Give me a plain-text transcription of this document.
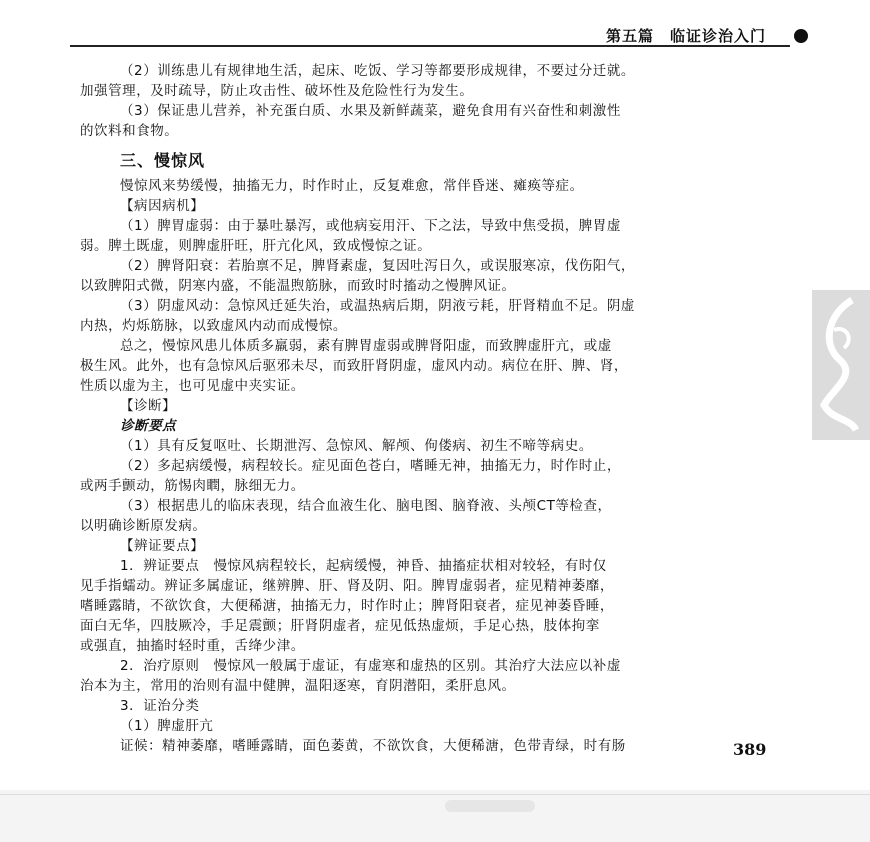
第五篇　临证诊治入门
（2）训练患儿有规律地生活，起床、吃饭、学习等都要形成规律，不要过分迁就。
加强管理，及时疏导，防止攻击性、破坏性及危险性行为发生。
（3）保证患儿营养，补充蛋白质、水果及新鲜蔬菜，避免食用有兴奋性和刺激性
的饮料和食物。
三、慢惊风
慢惊风来势缓慢，抽搐无力，时作时止，反复难愈，常伴昏迷、瘫痪等症。
【病因病机】
（1）脾胃虚弱：由于暴吐暴泻，或他病妄用汗、下之法，导致中焦受损，脾胃虚
弱。脾土既虚，则脾虚肝旺，肝亢化风，致成慢惊之证。
（2）脾肾阳衰：若胎禀不足，脾肾素虚，复因吐泻日久，或误服寒凉，伐伤阳气，
以致脾阳式微，阴寒内盛，不能温煦筋脉，而致时时搐动之慢脾风证。
（3）阴虚风动：急惊风迁延失治，或温热病后期，阴液亏耗，肝肾精血不足。阴虚
内热，灼烁筋脉，以致虚风内动而成慢惊。
总之，慢惊风患儿体质多羸弱，素有脾胃虚弱或脾肾阳虚，而致脾虚肝亢，或虚
极生风。此外，也有急惊风后驱邪未尽，而致肝肾阴虚，虚风内动。病位在肝、脾、肾，
性质以虚为主，也可见虚中夹实证。
【诊断】
诊断要点
（1）具有反复呕吐、长期泄泻、急惊风、解颅、佝偻病、初生不啼等病史。
（2）多起病缓慢，病程较长。症见面色苍白，嗜睡无神，抽搐无力，时作时止，
或两手颤动，筋惕肉瞤，脉细无力。
（3）根据患儿的临床表现，结合血液生化、脑电图、脑脊液、头颅CT等检查，
以明确诊断原发病。
【辨证要点】
1．辨证要点　慢惊风病程较长，起病缓慢，神昏、抽搐症状相对较轻，有时仅
见手指蠕动。辨证多属虚证，继辨脾、肝、肾及阴、阳。脾胃虚弱者，症见精神萎靡，
嗜睡露睛，不欲饮食，大便稀溏，抽搐无力，时作时止；脾肾阳衰者，症见神萎昏睡，
面白无华，四肢厥冷，手足震颤；肝肾阴虚者，症见低热虚烦，手足心热，肢体拘挛
或强直，抽搐时轻时重，舌绛少津。
2．治疗原则　慢惊风一般属于虚证，有虚寒和虚热的区别。其治疗大法应以补虚
治本为主，常用的治则有温中健脾，温阳逐寒，育阴潜阳，柔肝息风。
3．证治分类
（1）脾虚肝亢
证候：精神萎靡，嗜睡露睛，面色萎黄，不欲饮食，大便稀溏，色带青绿，时有肠	389
